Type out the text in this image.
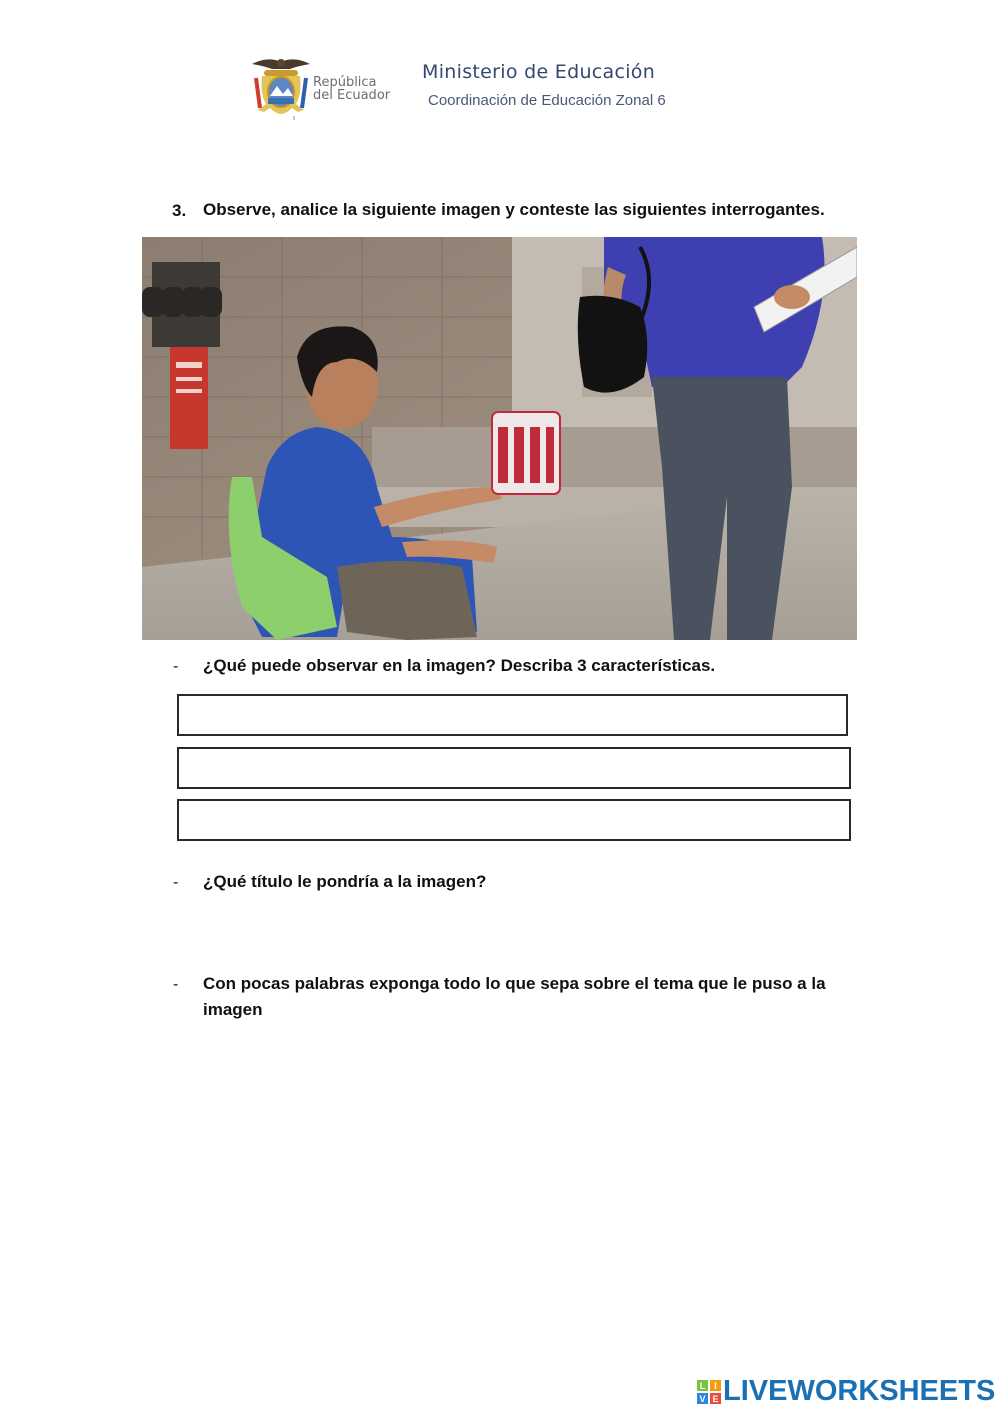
República
del Ecuador
Ministerio de Educación
Coordinación de Educación Zonal 6
3. Observe, analice la siguiente imagen y conteste las siguientes interrogantes.
- ¿Qué puede observar en la imagen? Describa 3 características.
- ¿Qué título le pondría a la imagen?
- Con pocas palabras exponga todo lo que sepa sobre el tema que le puso a la
imagen
L I
V E LIVEWORKSHEETS
